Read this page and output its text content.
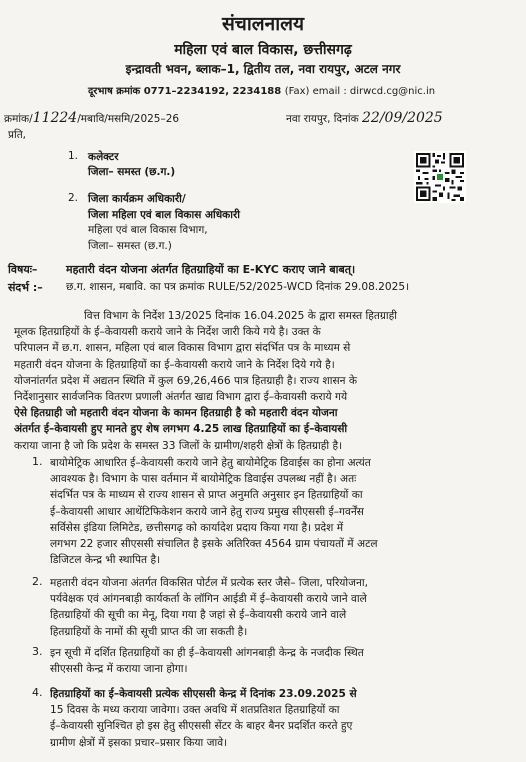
संचालनालय
महिला एवं बाल विकास, छत्तीसगढ़
इन्द्रावती भवन, ब्लाक–1, द्वितीय तल, नवा रायपुर, अटल नगर
दूरभाष क्रमांक 0771–2234192, 2234188 (Fax) email : dirwcd.cg@nic.in
क्रमांक/11224/मबावि/मसमि/2025–26	नवा रायपुर, दिनांक 22/09/2025
प्रति,
1. कलेक्टर
जिला– समस्त (छ.ग.)
2. जिला कार्यक्रम अधिकारी/
जिला महिला एवं बाल विकास अधिकारी
महिला एवं बाल विकास विभाग,
जिला– समस्त (छ.ग.)
विषयः–	महतारी वंदन योजना अंतर्गत हितग्राहियों का E-KYC कराए जाने बाबत्।
संदर्भ :– छ.ग. शासन, मबावि. का पत्र क्रमांक RULE/52/2025-WCD दिनांक 29.08.2025।
वित्त विभाग के निर्देश 13/2025 दिनांक 16.04.2025 के द्वारा समस्त हितग्राही
मूलक हितग्राहियों के ई–केवायसी कराये जाने के निर्देश जारी किये गये है। उक्त के
परिपालन में छ.ग. शासन, महिला एवं बाल विकास विभाग द्वारा संदर्भित पत्र के माध्यम से
महतारी वंदन योजना के हितग्राहियों का ई–केवायसी कराये जाने के निर्देश दिये गये है।
योजनांतर्गत प्रदेश में अद्यतन स्थिति में कुल 69,26,466 पात्र हितग्राही है। राज्य शासन के
निर्देशानुसार सार्वजनिक वितरण प्रणाली अंतर्गत खाद्य विभाग द्वारा ई–केवायसी कराये गये
ऐसे हितग्राही जो महतारी वंदन योजना के कामन हितग्राही है को महतारी वंदन योजना
अंतर्गत ई–केवायसी हुए मानते हुए शेष लगभग 4.25 लाख हितग्राहियों का ई–केवायसी
कराया जाना है जो कि प्रदेश के समस्त 33 जिलों के ग्रामीण/शहरी क्षेत्रों के हितग्राही है।
1. बायोमेट्रिक आधारित ई–केवायसी कराये जाने हेतु बायोमेट्रिक डिवाईस का होना अत्यंत
आवश्यक है। विभाग के पास वर्तमान में बायोमेट्रिक डिवाईस उपलब्ध नहीं है। अतः
संदर्भित पत्र के माध्यम से राज्य शासन से प्राप्त अनुमति अनुसार इन हितग्राहियों का
ई–केवायसी आधार आथेंटिफिकेशन कराये जाने हेतु राज्य प्रमुख सीएससी ई–गवर्नेंस
सर्विसेस इंडिया लिमिटेड, छत्तीसगढ़ को कार्यादेश प्रदाय किया गया है। प्रदेश में
लगभग 22 हजार सीएससी संचालित है इसके अतिरिक्त 4564 ग्राम पंचायतों में अटल
डिजिटल केन्द्र भी स्थापित है।
2. महतारी वंदन योजना अंतर्गत विकसित पोर्टल में प्रत्येक स्तर जैसे– जिला, परियोजना,
पर्यवेक्षक एवं आंगनबाड़ी कार्यकर्ता के लॉगिन आईडी में ई–केवायसी कराये जाने वाले
हितग्राहियों की सूची का मेनू, दिया गया है जहां से ई–केवायसी कराये जाने वाले
हितग्राहियों के नामों की सूची प्राप्त की जा सकती है।
3. इन सूची में दर्शित हितग्राहियों का ही ई–केवायसी आंगनबाड़ी केन्द्र के नजदीक स्थित
सीएससी केन्द्र में कराया जाना होगा।
4. हितग्राहियों का ई–केवायसी प्रत्येक सीएससी केन्द्र में दिनांक 23.09.2025 से
15 दिवस के मध्य कराया जावेगा। उक्त अवधि में शतप्रतिशत हितग्राहियों का
ई–केवायसी सुनिश्चित हो इस हेतु सीएससी सेंटर के बाहर बैनर प्रदर्शित करते हुए
ग्रामीण क्षेत्रों में इसका प्रचार–प्रसार किया जावे।
